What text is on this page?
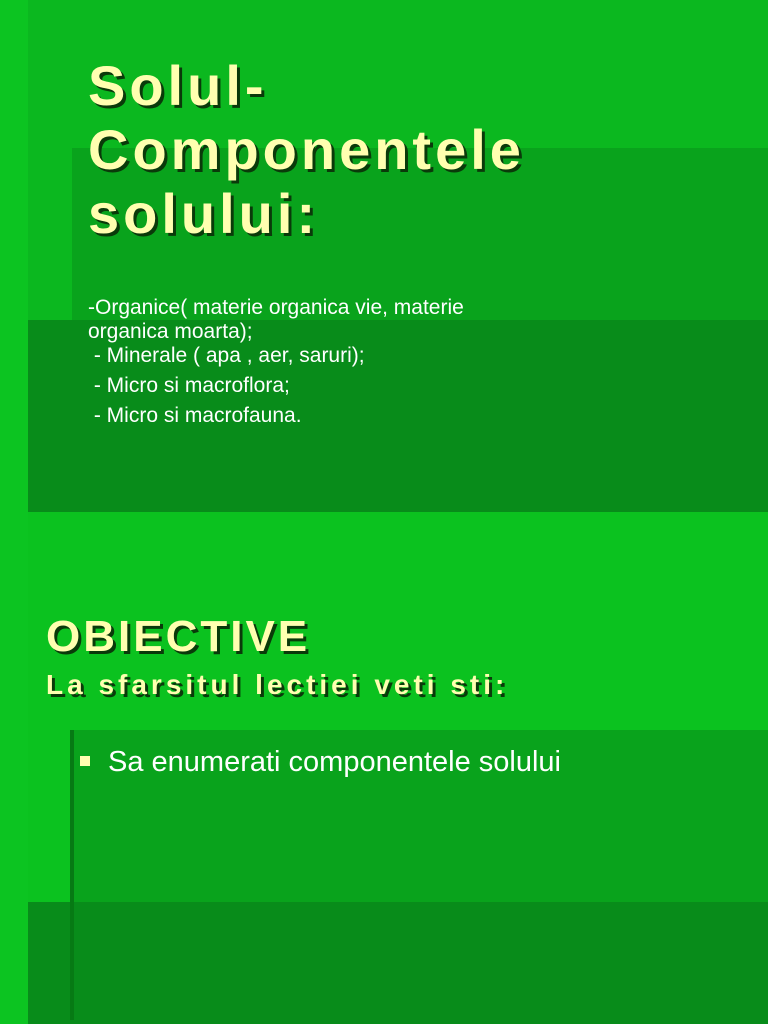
Solul-
Componentele
solului:
-Organice( materie organica vie, materie
organica moarta);
- Minerale ( apa , aer, saruri);
- Micro si macroflora;
- Micro si macrofauna.
OBIECTIVE
La sfarsitul lectiei veti sti:
Sa enumerati componentele solului
